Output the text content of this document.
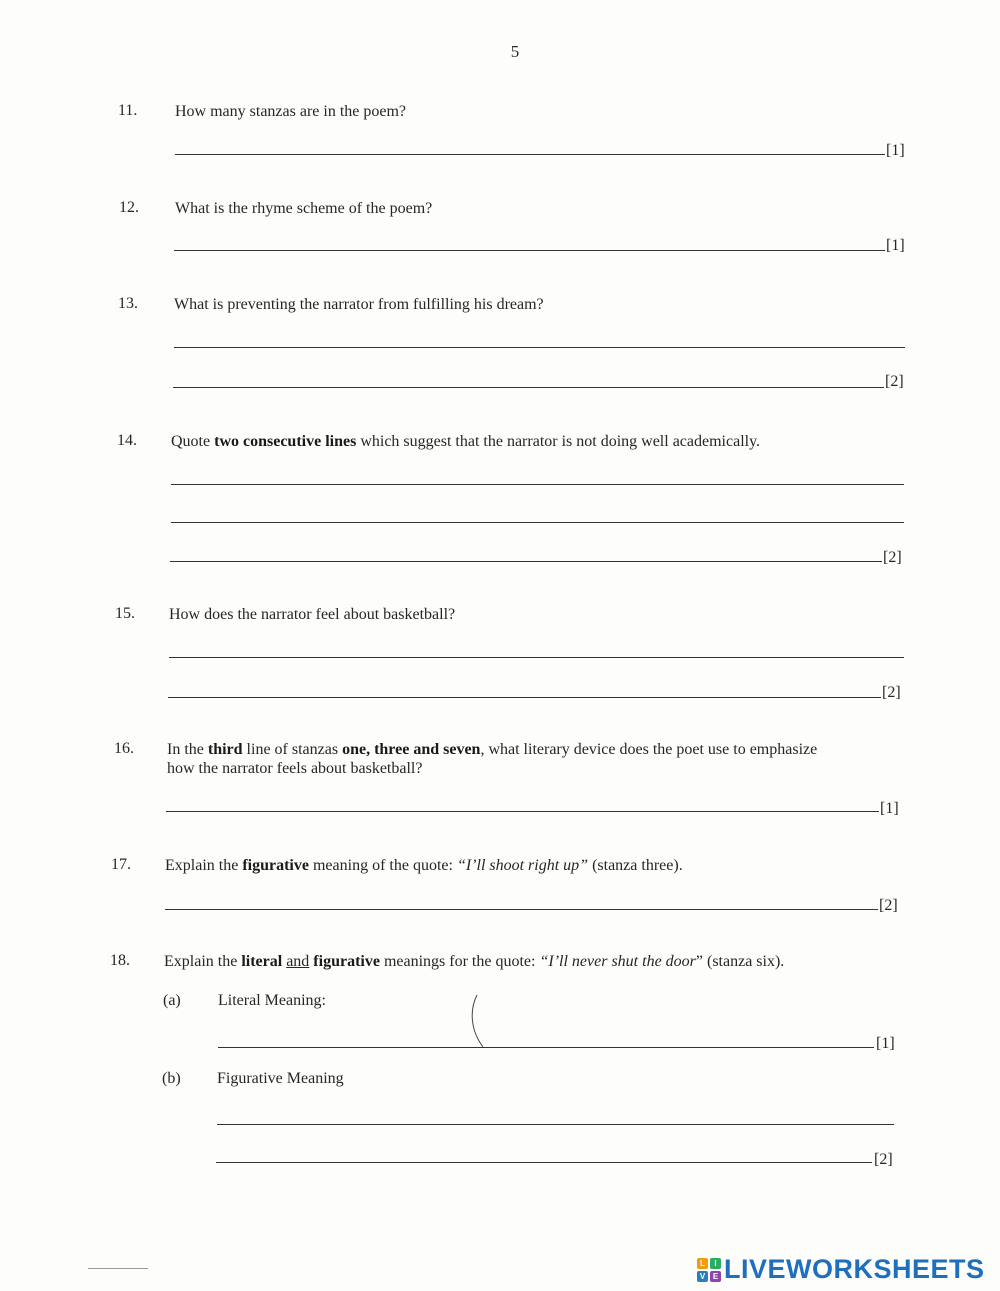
5
11. How many stanzas are in the poem?
[1]
12. What is the rhyme scheme of the poem?
[1]
13. What is preventing the narrator from fulfilling his dream?
[2]
14. Quote two consecutive lines which suggest that the narrator is not doing well academically.
[2]
15. How does the narrator feel about basketball?
[2]
16. In the third line of stanzas one, three and seven, what literary device does the poet use to emphasize
how the narrator feels about basketball?
[1]
17. Explain the figurative meaning of the quote: “I’ll shoot right up” (stanza three).
[2]
18. Explain the literal and figurative meanings for the quote: “I’ll never shut the door” (stanza six).
(a) Literal Meaning:
[1]
(b) Figurative Meaning
[2]
L	I
V E LIVEWORKSHEETS
